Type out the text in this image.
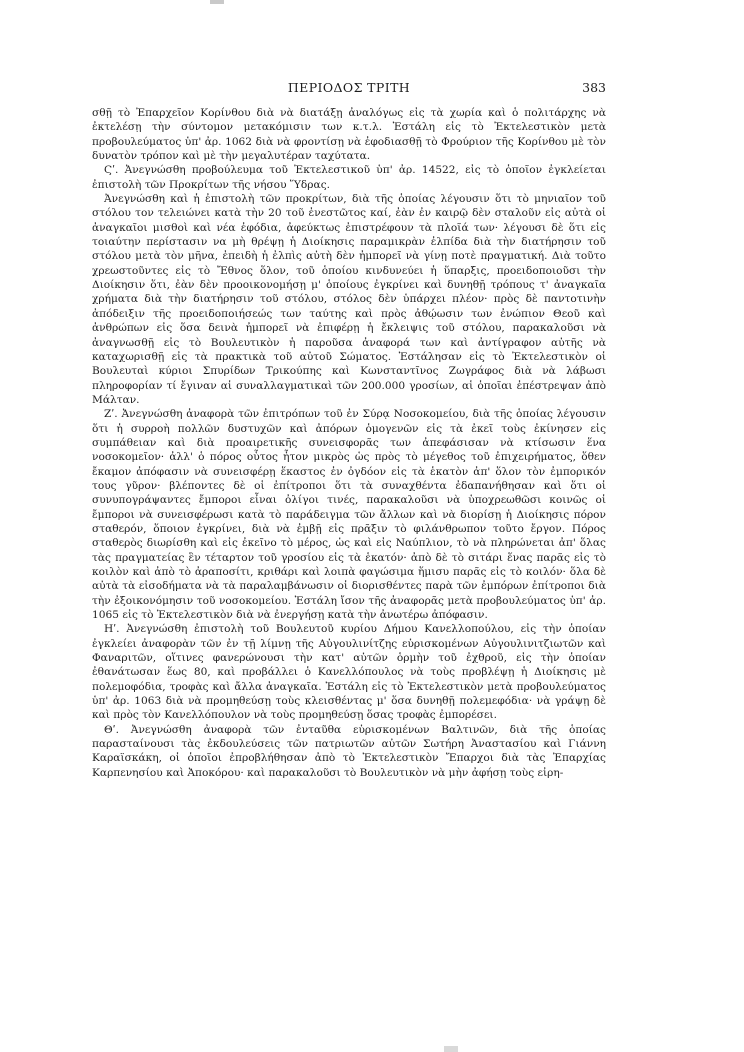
ΠΕΡΙΟΔΟΣ ΤΡΙΤΗ	383

σθῇ τὸ Ἐπαρχεῖον Κορίνθου διὰ νὰ διατάξῃ ἀναλόγως εἰς τὰ χωρία καὶ ὁ πολιτάρχης νὰ ἐκτελέσῃ τὴν σύντομον μετακόμισιν των κ.τ.λ. Ἐστάλη εἰς τὸ Ἐκτελεστικὸν μετὰ προβουλεύματος ὑπ' ἀρ. 1062 διὰ νὰ φροντίσῃ νὰ ἐφοδιασθῇ τὸ Φρούριον τῆς Κορίνθου μὲ τὸν δυνατὸν τρόπον καὶ μὲ τὴν μεγαλυτέραν ταχύτατα.

Ϛʹ. Ἀνεγνώσθη προβούλευμα τοῦ Ἐκτελεστικοῦ ὑπ' ἀρ. 14522, εἰς τὸ ὁποῖον ἐγκλείεται ἐπιστολὴ τῶν Προκρίτων τῆς νήσου Ὕδρας.

Ἀνεγνώσθη καὶ ἡ ἐπιστολὴ τῶν προκρίτων, διὰ τῆς ὁποίας λέγουσιν ὅτι τὸ μηνιαῖον τοῦ στόλου τον τελειώνει κατὰ τὴν 20 τοῦ ἐνεστῶτος καί, ἐὰν ἐν καιρῷ δὲν σταλοῦν εἰς αὐτὰ οἱ ἀναγκαῖοι μισθοὶ καὶ νέα ἐφόδια, ἀφεύκτως ἐπιστρέφουν τὰ πλοῖά των· λέγουσι δὲ ὅτι εἰς τοιαύτην περίστασιν να μὴ θρέψῃ ἡ Διοίκησις παραμικρὰν ἐλπίδα διὰ τὴν διατήρησιν τοῦ στόλου μετὰ τὸν μῆνα, ἐπειδὴ ἡ ἐλπὶς αὐτὴ δὲν ἠμπορεῖ νὰ γίνῃ ποτὲ πραγματική. Διὰ τοῦτο χρεωστοῦντες εἰς τὸ Ἔθνος ὅλον, τοῦ ὁποίου κινδυνεύει ἡ ὕπαρξις, προειδοποιοῦσι τὴν Διοίκησιν ὅτι, ἐὰν δὲν προοικονομήσῃ μ' ὁποίους ἐγκρίνει καὶ δυνηθῇ τρόπους τ' ἀναγκαῖα χρήματα διὰ τὴν διατήρησιν τοῦ στόλου, στόλος δὲν ὑπάρχει πλέον· πρὸς δὲ παντοτινὴν ἀπόδειξιν τῆς προειδοποιήσεώς των ταύτης καὶ πρὸς ἀθῴωσιν των ἐνώπιον Θεοῦ καὶ ἀνθρώπων εἰς ὅσα δεινὰ ἠμπορεῖ νὰ ἐπιφέρῃ ἡ ἔκλειψις τοῦ στόλου, παρακαλοῦσι νὰ ἀναγνωσθῇ εἰς τὸ Βουλευτικὸν ἡ παροῦσα ἀναφορά των καὶ ἀντίγραφον αὐτῆς νὰ καταχωρισθῇ εἰς τὰ πρακτικὰ τοῦ αὐτοῦ Σώματος. Ἐστάλησαν εἰς τὸ Ἐκτελεστικὸν οἱ Βουλευταὶ κύριοι Σπυρίδων Τρικούπης καὶ Κωνσταντῖνος Ζωγράφος διὰ νὰ λάβωσι πληροφορίαν τί ἔγιναν αἱ συναλλαγματικαὶ τῶν 200.000 γροσίων, αἱ ὁποῖαι ἐπέστρεψαν ἀπὸ Μάλταν.

Ζʹ. Ἀνεγνώσθη ἀναφορὰ τῶν ἐπιτρόπων τοῦ ἐν Σύρᾳ Νοσοκομείου, διὰ τῆς ὁποίας λέγουσιν ὅτι ἡ συρροὴ πολλῶν δυστυχῶν καὶ ἀπόρων ὁμογενῶν εἰς τὰ ἐκεῖ τοὺς ἐκίνησεν εἰς συμπάθειαν καὶ διὰ προαιρετικῆς συνεισφορᾶς των ἀπεφάσισαν νὰ κτίσωσιν ἕνα νοσοκομεῖον· ἀλλ' ὁ πόρος οὗτος ἦτον μικρὸς ὡς πρὸς τὸ μέγεθος τοῦ ἐπιχειρήματος, ὅθεν ἔκαμον ἀπόφασιν νὰ συνεισφέρῃ ἕκαστος ἐν ὀγδόον εἰς τὰ ἑκατὸν ἀπ' ὅλον τὸν ἐμπορικόν τους γῦρον· βλέποντες δὲ οἱ ἐπίτροποι ὅτι τὰ συναχθέντα ἐδαπανήθησαν καὶ ὅτι οἱ συνυπογράψαντες ἔμποροι εἶναι ὀλίγοι τινές, παρακαλοῦσι νὰ ὑποχρεωθῶσι κοινῶς οἱ ἔμποροι νὰ συνεισφέρωσι κατὰ τὸ παράδειγμα τῶν ἄλλων καὶ νὰ διορίσῃ ἡ Διοίκησις πόρον σταθερόν, ὅποιον ἐγκρίνει, διὰ νὰ ἐμβῇ εἰς πρᾶξιν τὸ φιλάνθρωπον τοῦτο ἔργον. Πόρος σταθερὸς διωρίσθη καὶ εἰς ἐκεῖνο τὸ μέρος, ὡς καὶ εἰς Ναύπλιον, τὸ νὰ πληρώνεται ἀπ' ὅλας τὰς πραγματείας ἓν τέταρτον τοῦ γροσίου εἰς τὰ ἑκατόν· ἀπὸ δὲ τὸ σιτάρι ἕνας παρᾶς εἰς τὸ κοιλὸν καὶ ἀπὸ τὸ ἀραποσίτι, κριθάρι καὶ λοιπὰ φαγώσιμα ἥμισυ παρᾶς εἰς τὸ κοιλόν· ὅλα δὲ αὐτὰ τὰ εἰσοδήματα νὰ τὰ παραλαμβάνωσιν οἱ διορισθέντες παρὰ τῶν ἐμπόρων ἐπίτροποι διὰ τὴν ἐξοικονόμησιν τοῦ νοσοκομείου. Ἐστάλη ἴσον τῆς ἀναφορᾶς μετὰ προβουλεύματος ὑπ' ἀρ. 1065 εἰς τὸ Ἐκτελεστικὸν διὰ νὰ ἐνεργήσῃ κατὰ τὴν ἀνωτέρω ἀπόφασιν.

Ηʹ. Ἀνεγνώσθη ἐπιστολὴ τοῦ Βουλευτοῦ κυρίου Δήμου Κανελλοπούλου, εἰς τὴν ὁποίαν ἐγκλείει ἀναφορὰν τῶν ἐν τῇ λίμνῃ τῆς Αὐγουλινίτζης εὑρισκομένων Αὐγουλινιτζιωτῶν καὶ Φαναριτῶν, οἵτινες φανερώνουσι τὴν κατ' αὐτῶν ὁρμὴν τοῦ ἐχθροῦ, εἰς τὴν ὁποίαν ἐθανάτωσαν ἕως 80, καὶ προβάλλει ὁ Κανελλόπουλος νὰ τοὺς προβλέψῃ ἡ Διοίκησις μὲ πολεμοφόδια, τροφὰς καὶ ἄλλα ἀναγκαῖα. Ἐστάλη εἰς τὸ Ἐκτελεστικὸν μετὰ προβουλεύματος ὑπ' ἀρ. 1063 διὰ νὰ προμηθεύσῃ τοὺς κλεισθέντας μ' ὅσα δυνηθῇ πολεμεφόδια· νὰ γράψῃ δὲ καὶ πρὸς τὸν Κανελλόπουλον νὰ τοὺς προμηθεύσῃ ὅσας τροφὰς ἐμπορέσει.

Θʹ. Ἀνεγνώσθη ἀναφορὰ τῶν ἐνταῦθα εὑρισκομένων Βαλτινῶν, διὰ τῆς ὁποίας παρασταίνουσι τὰς ἐκδουλεύσεις τῶν πατριωτῶν αὐτῶν Σωτήρη Ἀναστασίου καὶ Γιάννη Καραϊσκάκη, οἱ ὁποῖοι ἐπροβλήθησαν ἀπὸ τὸ Ἐκτελεστικὸν Ἔπαρχοι διὰ τὰς Ἐπαρχίας Καρπενησίου καὶ Ἀποκόρου· καὶ παρακαλοῦσι τὸ Βουλευτικὸν νὰ μὴν ἀφήσῃ τοὺς εἰρη-
